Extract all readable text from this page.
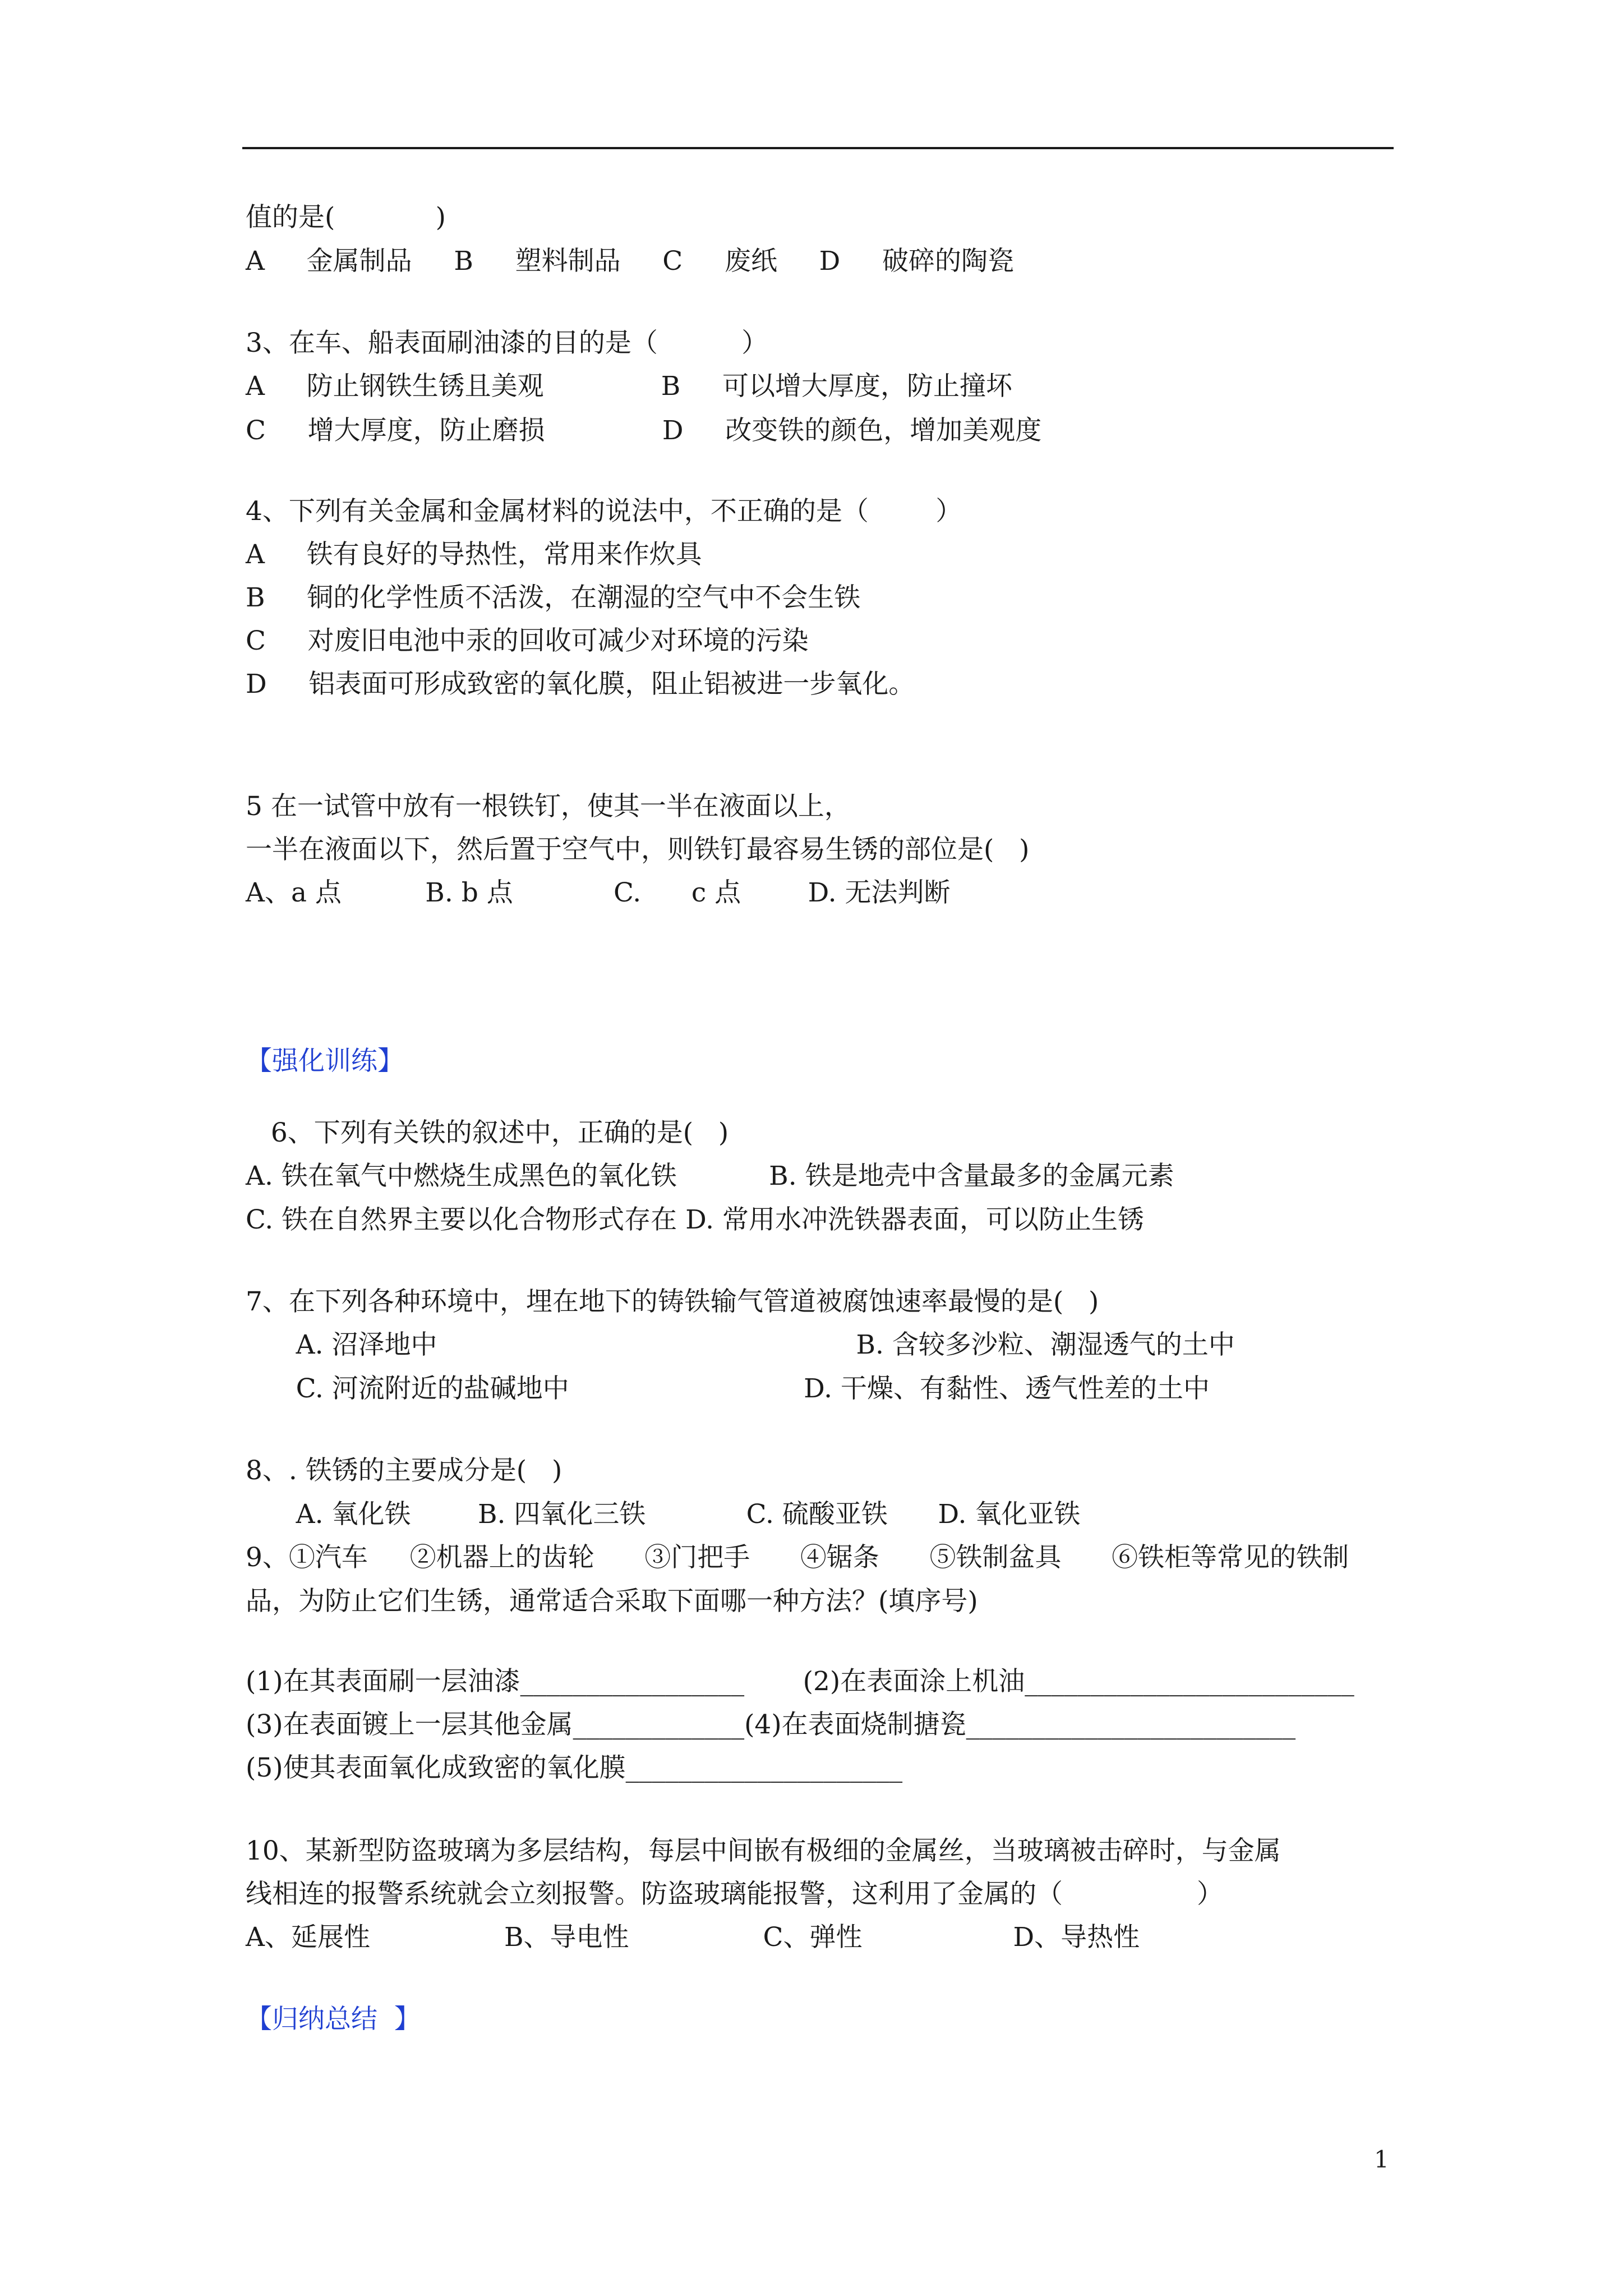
值的是(            )
A     金属制品     B     塑料制品     C     废纸     D     破碎的陶瓷
3、在车、船表面刷油漆的目的是（          ）
A     防止钢铁生锈且美观              B     可以增大厚度，防止撞坏
C     增大厚度，防止磨损              D     改变铁的颜色，增加美观度
4、下列有关金属和金属材料的说法中，不正确的是（        ）
A     铁有良好的导热性，常用来作炊具
B     铜的化学性质不活泼，在潮湿的空气中不会生铁
C     对废旧电池中汞的回收可减少对环境的污染
D     铝表面可形成致密的氧化膜，阻止铝被进一步氧化。
5 在一试管中放有一根铁钉，使其一半在液面以上，
一半在液面以下，然后置于空气中，则铁钉最容易生锈的部位是(   )
A、a 点          B. b 点            C.      c 点        D. 无法判断
【强化训练】
6、下列有关铁的叙述中，正确的是(   )
A. 铁在氧气中燃烧生成黑色的氧化铁           B. 铁是地壳中含量最多的金属元素
C. 铁在自然界主要以化合物形式存在 D. 常用水冲洗铁器表面，可以防止生锈
7、在下列各种环境中，埋在地下的铸铁输气管道被腐蚀速率最慢的是(   )
A. 沼泽地中                                                  B. 含较多沙粒、潮湿透气的土中
C. 河流附近的盐碱地中                            D. 干燥、有黏性、透气性差的土中
8、. 铁锈的主要成分是(   )
A. 氧化铁        B. 四氧化三铁            C. 硫酸亚铁      D. 氧化亚铁
9、①汽车     ②机器上的齿轮      ③门把手      ④锯条      ⑤铁制盆具      ⑥铁柜等常见的铁制
品，为防止它们生锈，通常适合采取下面哪一种方法？(填序号)
(1)在其表面刷一层油漆_________________       (2)在表面涂上机油_________________________
(3)在表面镀上一层其他金属_____________(4)在表面烧制搪瓷_________________________
(5)使其表面氧化成致密的氧化膜_____________________
10、某新型防盗玻璃为多层结构，每层中间嵌有极细的金属丝，当玻璃被击碎时，与金属
线相连的报警系统就会立刻报警。防盗玻璃能报警，这利用了金属的（                ）
A、延展性                B、导电性                C、弹性                  D、导热性
【归纳总结  】
1
